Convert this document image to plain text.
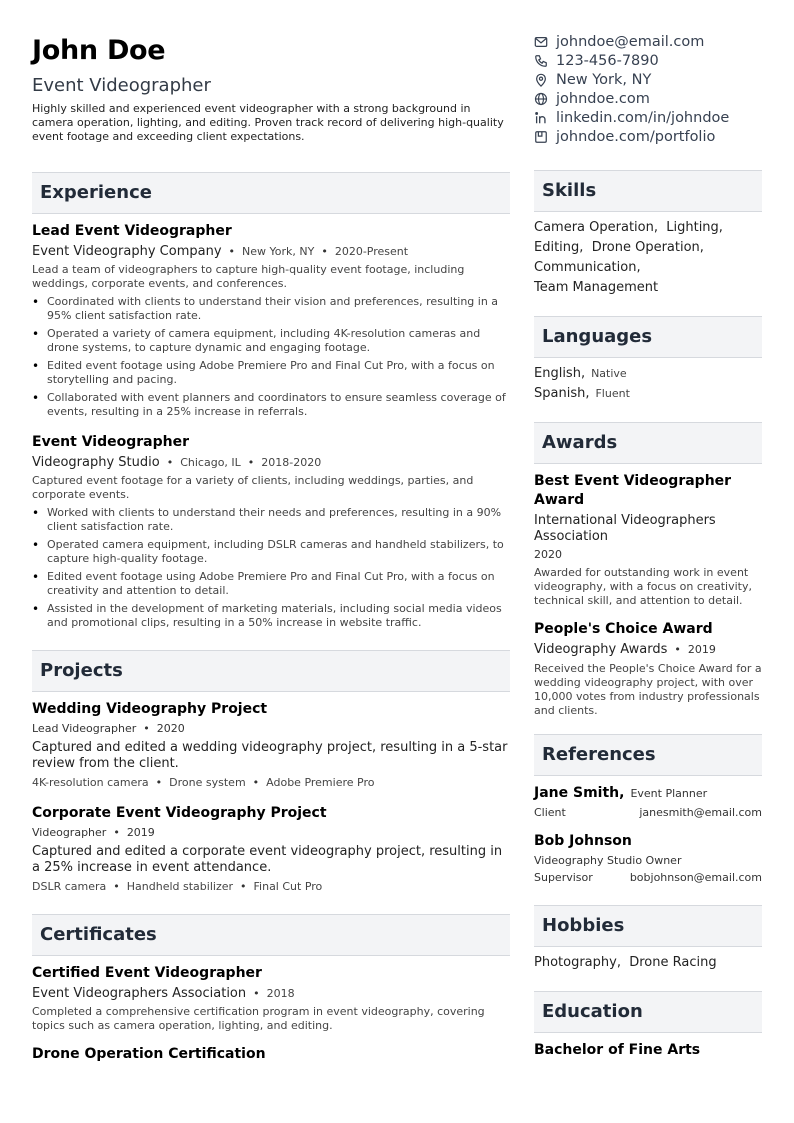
John Doe
Event Videographer
Highly skilled and experienced event videographer with a strong background in camera operation, lighting, and editing. Proven track record of delivering high-quality event footage and exceeding client expectations.
Experience
Lead Event Videographer
Event Videography Company • New York, NY • 2020-Present
Lead a team of videographers to capture high-quality event footage, including weddings, corporate events, and conferences.
• Coordinated with clients to understand their vision and preferences, resulting in a 95% client satisfaction rate.
• Operated a variety of camera equipment, including 4K-resolution cameras and drone systems, to capture dynamic and engaging footage.
• Edited event footage using Adobe Premiere Pro and Final Cut Pro, with a focus on storytelling and pacing.
• Collaborated with event planners and coordinators to ensure seamless coverage of events, resulting in a 25% increase in referrals.
Event Videographer
Videography Studio • Chicago, IL • 2018-2020
Captured event footage for a variety of clients, including weddings, parties, and corporate events.
• Worked with clients to understand their needs and preferences, resulting in a 90% client satisfaction rate.
• Operated camera equipment, including DSLR cameras and handheld stabilizers, to capture high-quality footage.
• Edited event footage using Adobe Premiere Pro and Final Cut Pro, with a focus on creativity and attention to detail.
• Assisted in the development of marketing materials, including social media videos and promotional clips, resulting in a 50% increase in website traffic.
Projects
Wedding Videography Project
Lead Videographer • 2020
Captured and edited a wedding videography project, resulting in a 5-star review from the client.
4K-resolution camera • Drone system • Adobe Premiere Pro
Corporate Event Videography Project
Videographer • 2019
Captured and edited a corporate event videography project, resulting in a 25% increase in event attendance.
DSLR camera • Handheld stabilizer • Final Cut Pro
Certificates
Certified Event Videographer
Event Videographers Association • 2018
Completed a comprehensive certification program in event videography, covering topics such as camera operation, lighting, and editing.
Drone Operation Certification
johndoe@email.com
123-456-7890
New York, NY
johndoe.com
linkedin.com/in/johndoe
johndoe.com/portfolio
Skills
Camera Operation, Lighting,
Editing, Drone Operation,
Communication,
Team Management
Languages
English, Native
Spanish, Fluent
Awards
Best Event Videographer Award
International Videographers Association
2020
Awarded for outstanding work in event videography, with a focus on creativity, technical skill, and attention to detail.
People's Choice Award
Videography Awards • 2019
Received the People's Choice Award for a wedding videography project, with over 10,000 votes from industry professionals and clients.
References
Jane Smith, Event Planner
Client	janesmith@email.com
Bob Johnson
Videography Studio Owner
Supervisor	bobjohnson@email.com
Hobbies
Photography,  Drone Racing
Education
Bachelor of Fine Arts
